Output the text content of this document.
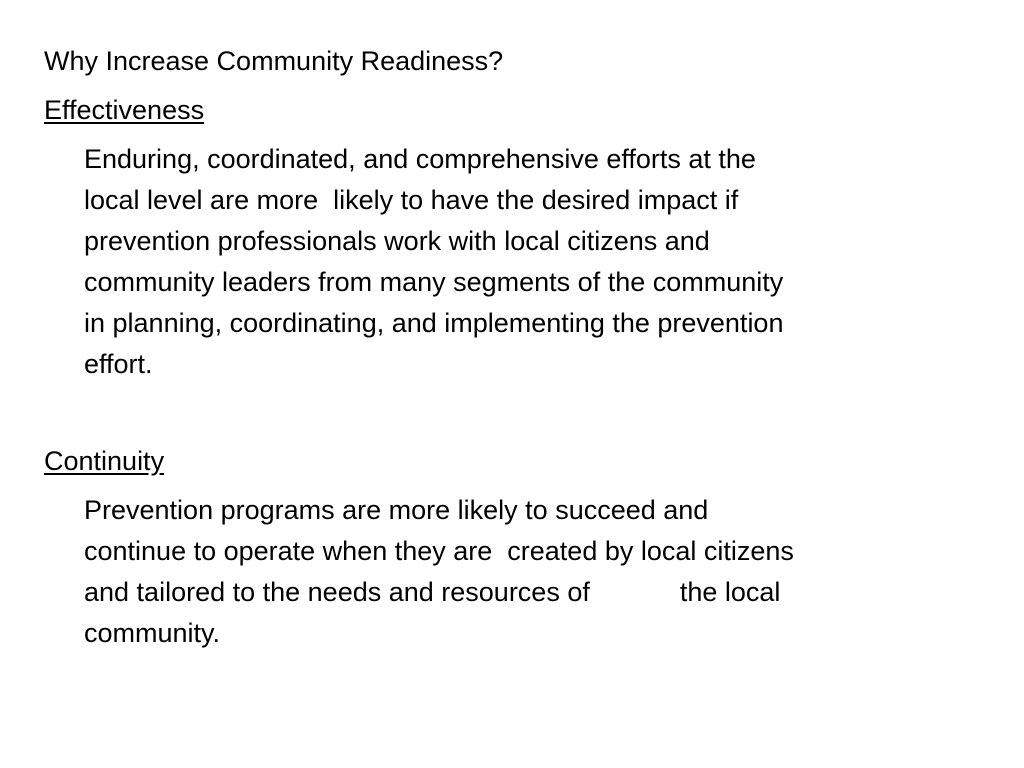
Why Increase Community Readiness?
Effectiveness
Enduring, coordinated, and comprehensive efforts at the
local level are more  likely to have the desired impact if
prevention professionals work with local citizens and
community leaders from many segments of the community
in planning, coordinating, and implementing the prevention
effort.
Continuity
Prevention programs are more likely to succeed and
continue to operate when they are  created by local citizens
and tailored to the needs and resources of            the local
community.
